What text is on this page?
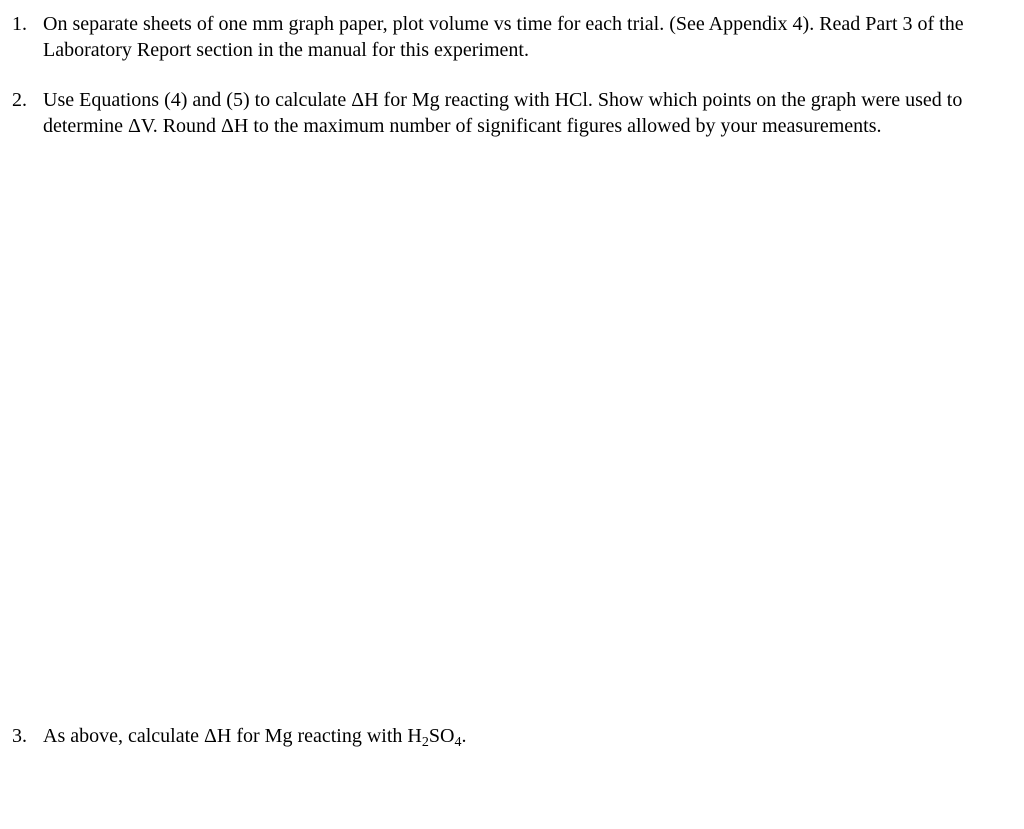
1. On separate sheets of one mm graph paper, plot volume vs time for each trial. (See Appendix 4). Read Part 3 of the Laboratory Report section in the manual for this experiment.
2. Use Equations (4) and (5) to calculate ΔH for Mg reacting with HCl. Show which points on the graph were used to determine ΔV. Round ΔH to the maximum number of significant figures allowed by your measurements.
3. As above, calculate ΔH for Mg reacting with $H_2SO_4$.
